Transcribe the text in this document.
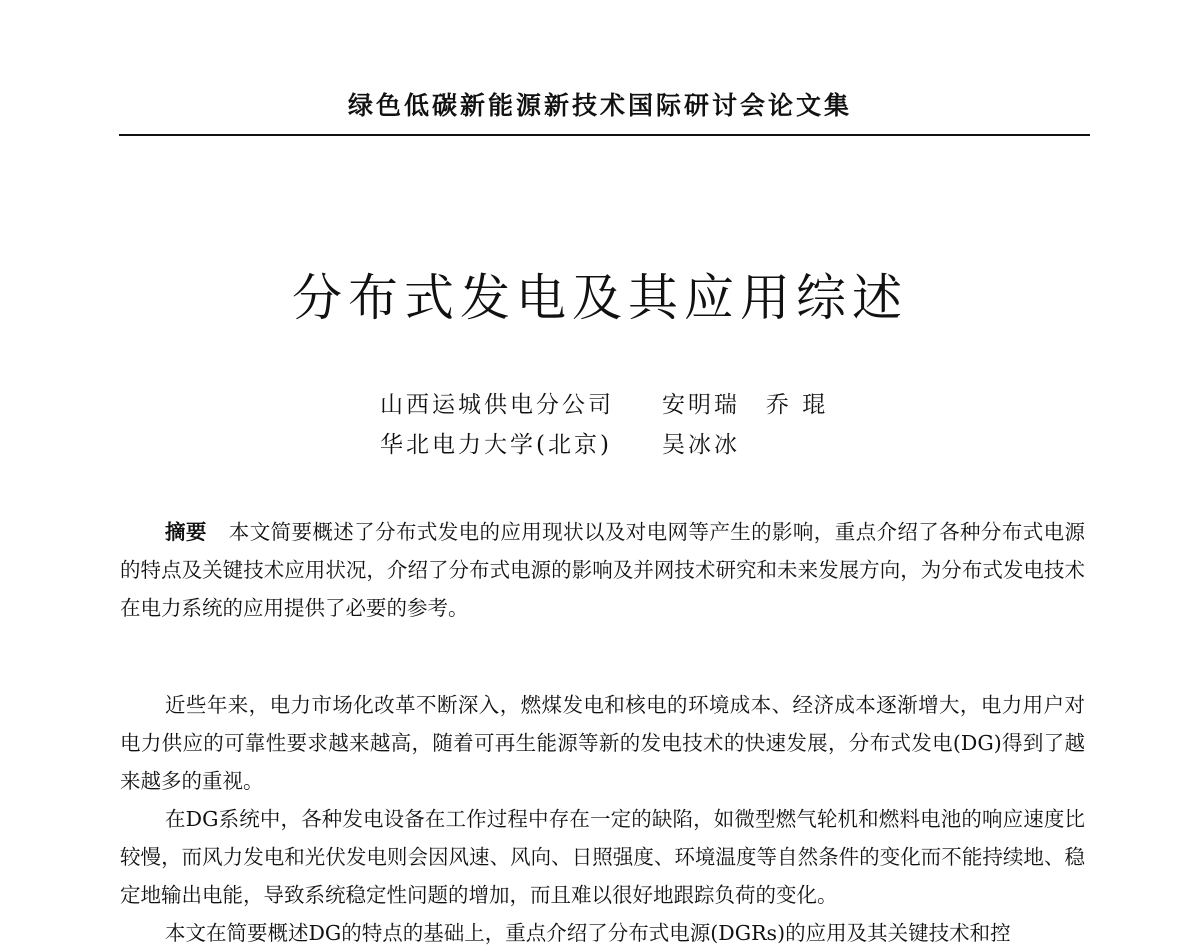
绿色低碳新能源新技术国际研讨会论文集
分布式发电及其应用综述
山西运城供电分公司 安明瑞　乔 琨
华北电力大学(北京) 吴冰冰
摘要 本文简要概述了分布式发电的应用现状以及对电网等产生的影响，重点介绍了各种分布式电源的特点及关键技术应用状况，介绍了分布式电源的影响及并网技术研究和未来发展方向，为分布式发电技术在电力系统的应用提供了必要的参考。

近些年来，电力市场化改革不断深入，燃煤发电和核电的环境成本、经济成本逐渐增大，电力用户对电力供应的可靠性要求越来越高，随着可再生能源等新的发电技术的快速发展，分布式发电(DG)得到了越来越多的重视。

在DG系统中，各种发电设备在工作过程中存在一定的缺陷，如微型燃气轮机和燃料电池的响应速度比较慢，而风力发电和光伏发电则会因风速、风向、日照强度、环境温度等自然条件的变化而不能持续地、稳定地输出电能，导致系统稳定性问题的增加，而且难以很好地跟踪负荷的变化。

本文在简要概述DG的特点的基础上，重点介绍了分布式电源(DGRs)的应用及其关键技术和控
